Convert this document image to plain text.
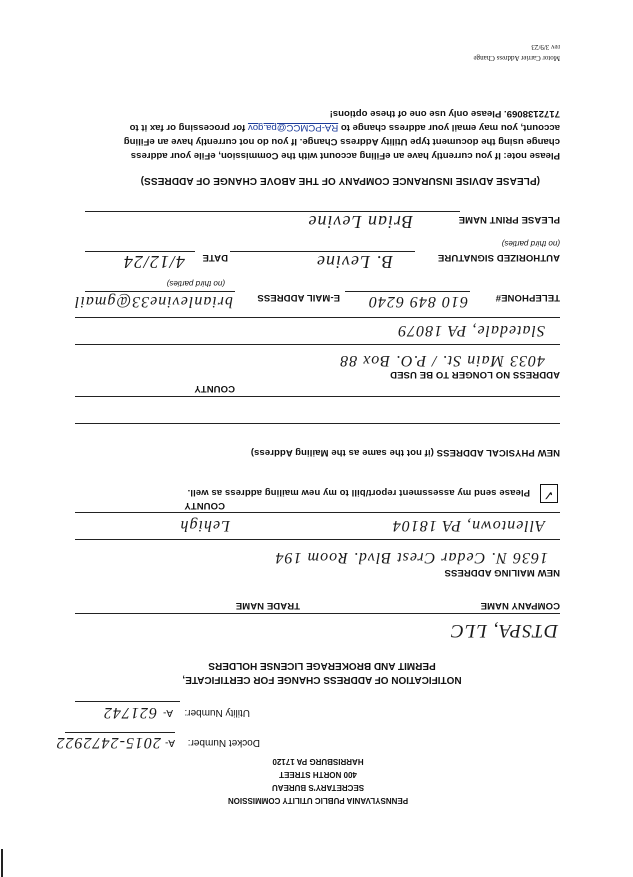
PENNSYLVANIA PUBLIC UTILITY COMMISSION
SECRETARY'S BUREAU
400 NORTH STREET
HARRISBURG PA 17120
Docket Number:
A-
2015-2472922
Utility Number:
A-
621742
NOTIFICATION OF ADDRESS CHANGE FOR CERTIFICATE,
PERMIT AND BROKERAGE LICENSE HOLDERS
DTSPA, LLC
COMPANY NAME
TRADE NAME
NEW MAILING ADDRESS
1636 N. Cedar Crest Blvd. Room 194
Allentown, PA 18104
Lehigh
COUNTY
✓
Please send my assessment report/bill to my new mailing address as well.
NEW PHYSICAL ADDRESS (if not the same as the Mailing Address)
COUNTY
ADDRESS NO LONGER TO BE USED
4033 Main St. / P.O. Box 88
Slatedale, PA 18079
TELEPHONE#
610 849 6240
E-MAIL ADDRESS
brianlevine33@gmail
(no third parties)
AUTHORIZED SIGNATURE
B. Levine
DATE
4/12/24
(no third parties)
PLEASE PRINT NAME
Brian Levine
(PLEASE ADVISE INSURANCE COMPANY OF THE ABOVE CHANGE OF ADDRESS)
Please note: If you currently have an eFiling account with the Commission, eFile your address
change using the document type Utility Address Change. If you do not currently have an eFiling
account, you may email your address change to RA-PCMCC@pa.gov for processing or fax it to
7172138069. Please only use one of these options!
Motor Carrier Address Change
rev 3/9/23
